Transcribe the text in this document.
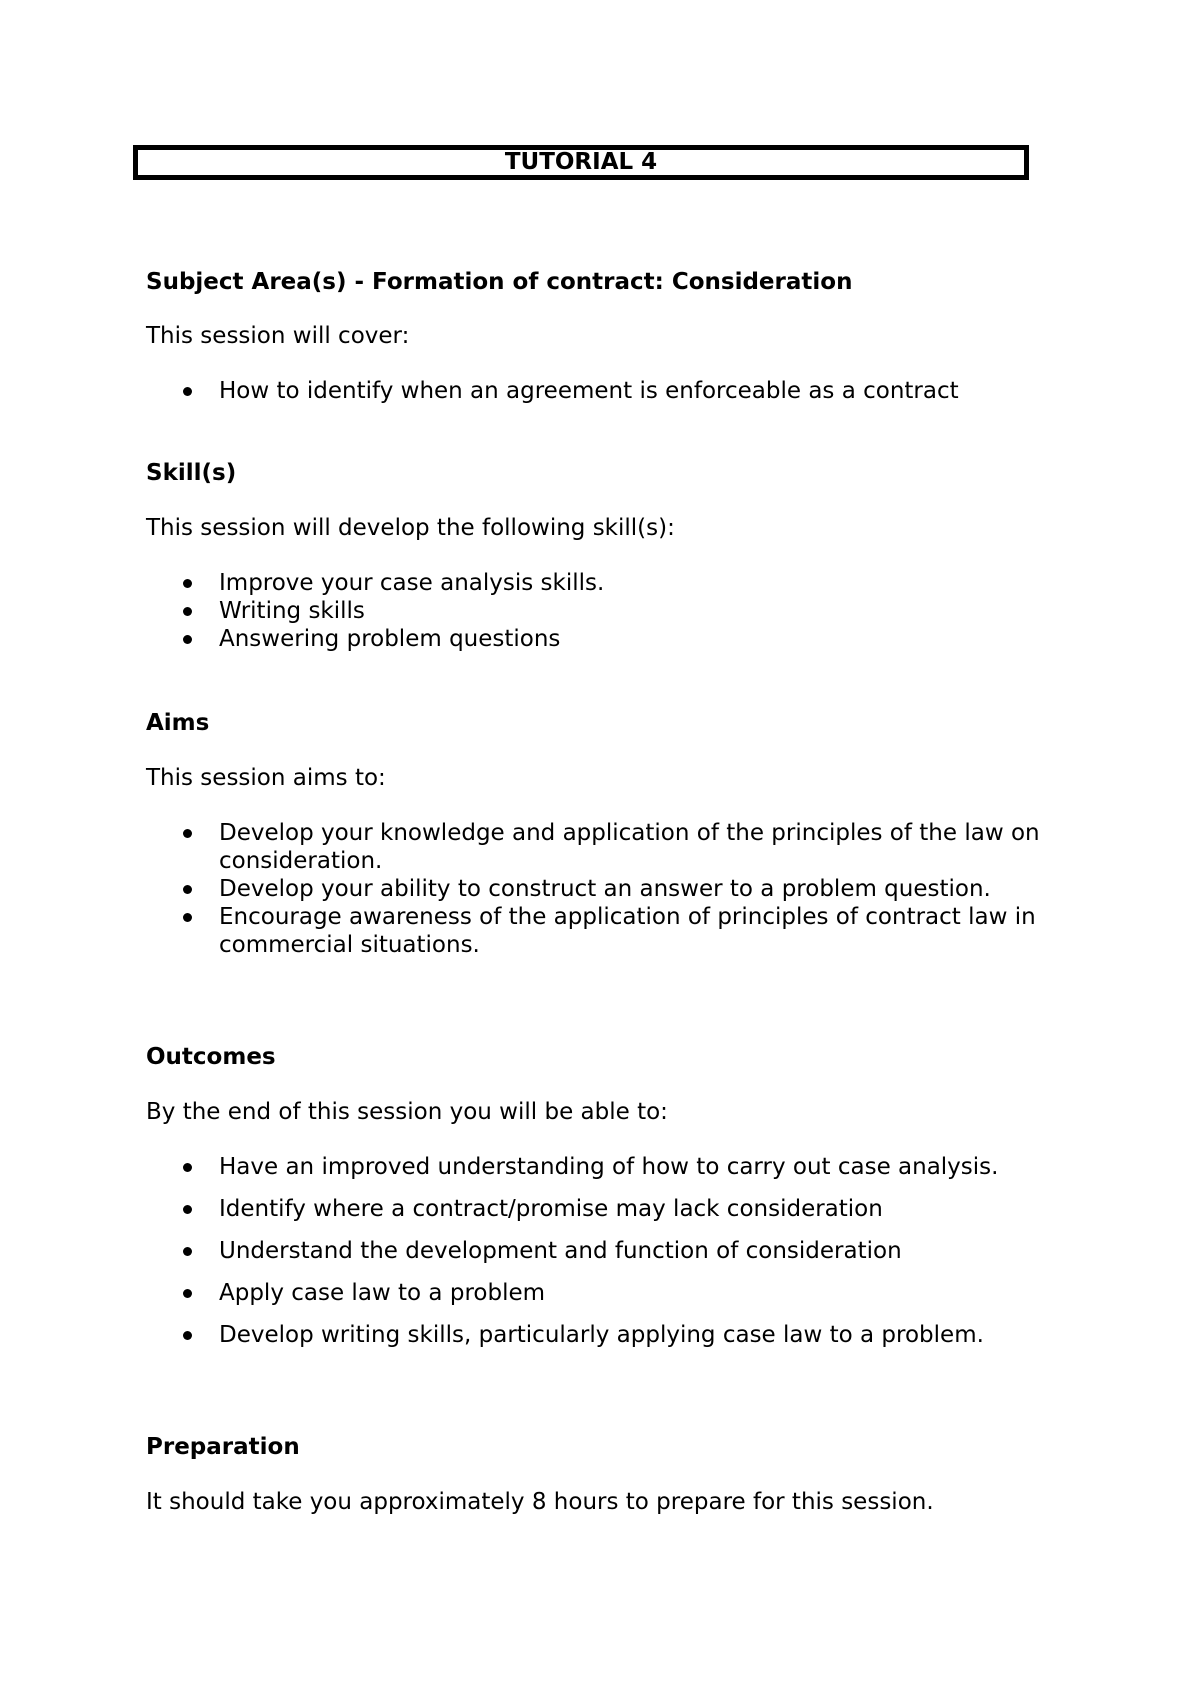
TUTORIAL 4
Subject Area(s) - Formation of contract: Consideration
This session will cover:
How to identify when an agreement is enforceable as a contract
Skill(s)
This session will develop the following skill(s):
Improve your case analysis skills.
Writing skills
Answering problem questions
Aims
This session aims to:
Develop your knowledge and application of the principles of the law on consideration.
Develop your ability to construct an answer to a problem question.
Encourage awareness of the application of principles of contract law in commercial situations.
Outcomes
By the end of this session you will be able to:
Have an improved understanding of how to carry out case analysis.
Identify where a contract/promise may lack consideration
Understand the development and function of consideration
Apply case law to a problem
Develop writing skills, particularly applying case law to a problem.
Preparation
It should take you approximately 8 hours to prepare for this session.
